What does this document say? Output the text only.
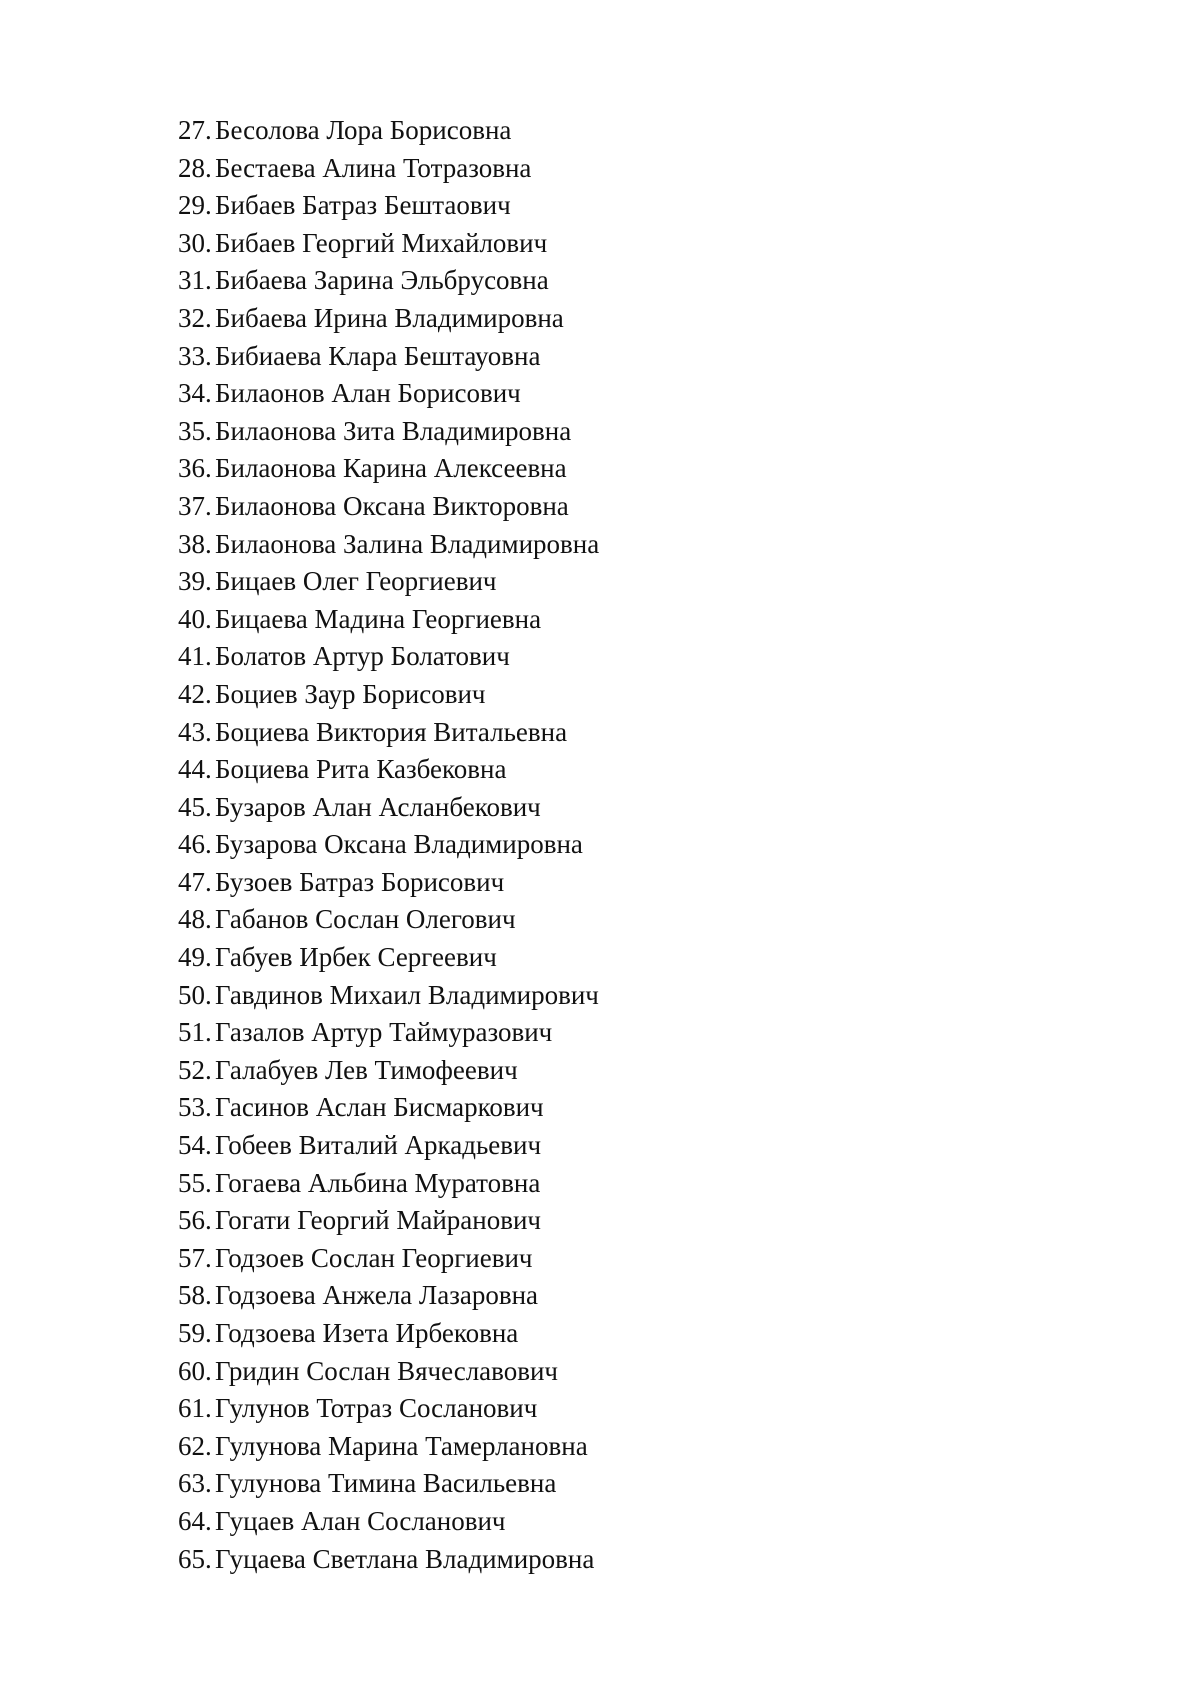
27. Бесолова Лора Борисовна
28. Бестаева Алина Тотразовна
29. Бибаев Батраз Бештаович
30. Бибаев Георгий Михайлович
31. Бибаева Зарина Эльбрусовна
32. Бибаева Ирина Владимировна
33. Бибиаева Клара Бештауовна
34. Билаонов Алан Борисович
35. Билаонова Зита Владимировна
36. Билаонова Карина Алексеевна
37. Билаонова Оксана Викторовна
38. Билаонова Залина Владимировна
39. Бицаев Олег Георгиевич
40. Бицаева Мадина Георгиевна
41. Болатов Артур Болатович
42. Боциев Заур Борисович
43. Боциева Виктория Витальевна
44. Боциева Рита Казбековна
45. Бузаров Алан Асланбекович
46. Бузарова Оксана Владимировна
47. Бузоев Батраз Борисович
48. Габанов Сослан Олегович
49. Габуев Ирбек Сергеевич
50. Гавдинов Михаил Владимирович
51. Газалов Артур Таймуразович
52. Галабуев Лев Тимофеевич
53. Гасинов Аслан Бисмаркович
54. Гобеев Виталий Аркадьевич
55. Гогаева Альбина Муратовна
56. Гогати Георгий Майранович
57. Годзоев Сослан Георгиевич
58. Годзоева Анжела Лазаровна
59. Годзоева Изета Ирбековна
60. Гридин Сослан Вячеславович
61. Гулунов Тотраз Сосланович
62. Гулунова Марина Тамерлановна
63. Гулунова Тимина Васильевна
64. Гуцаев Алан Сосланович
65. Гуцаева Светлана Владимировна
